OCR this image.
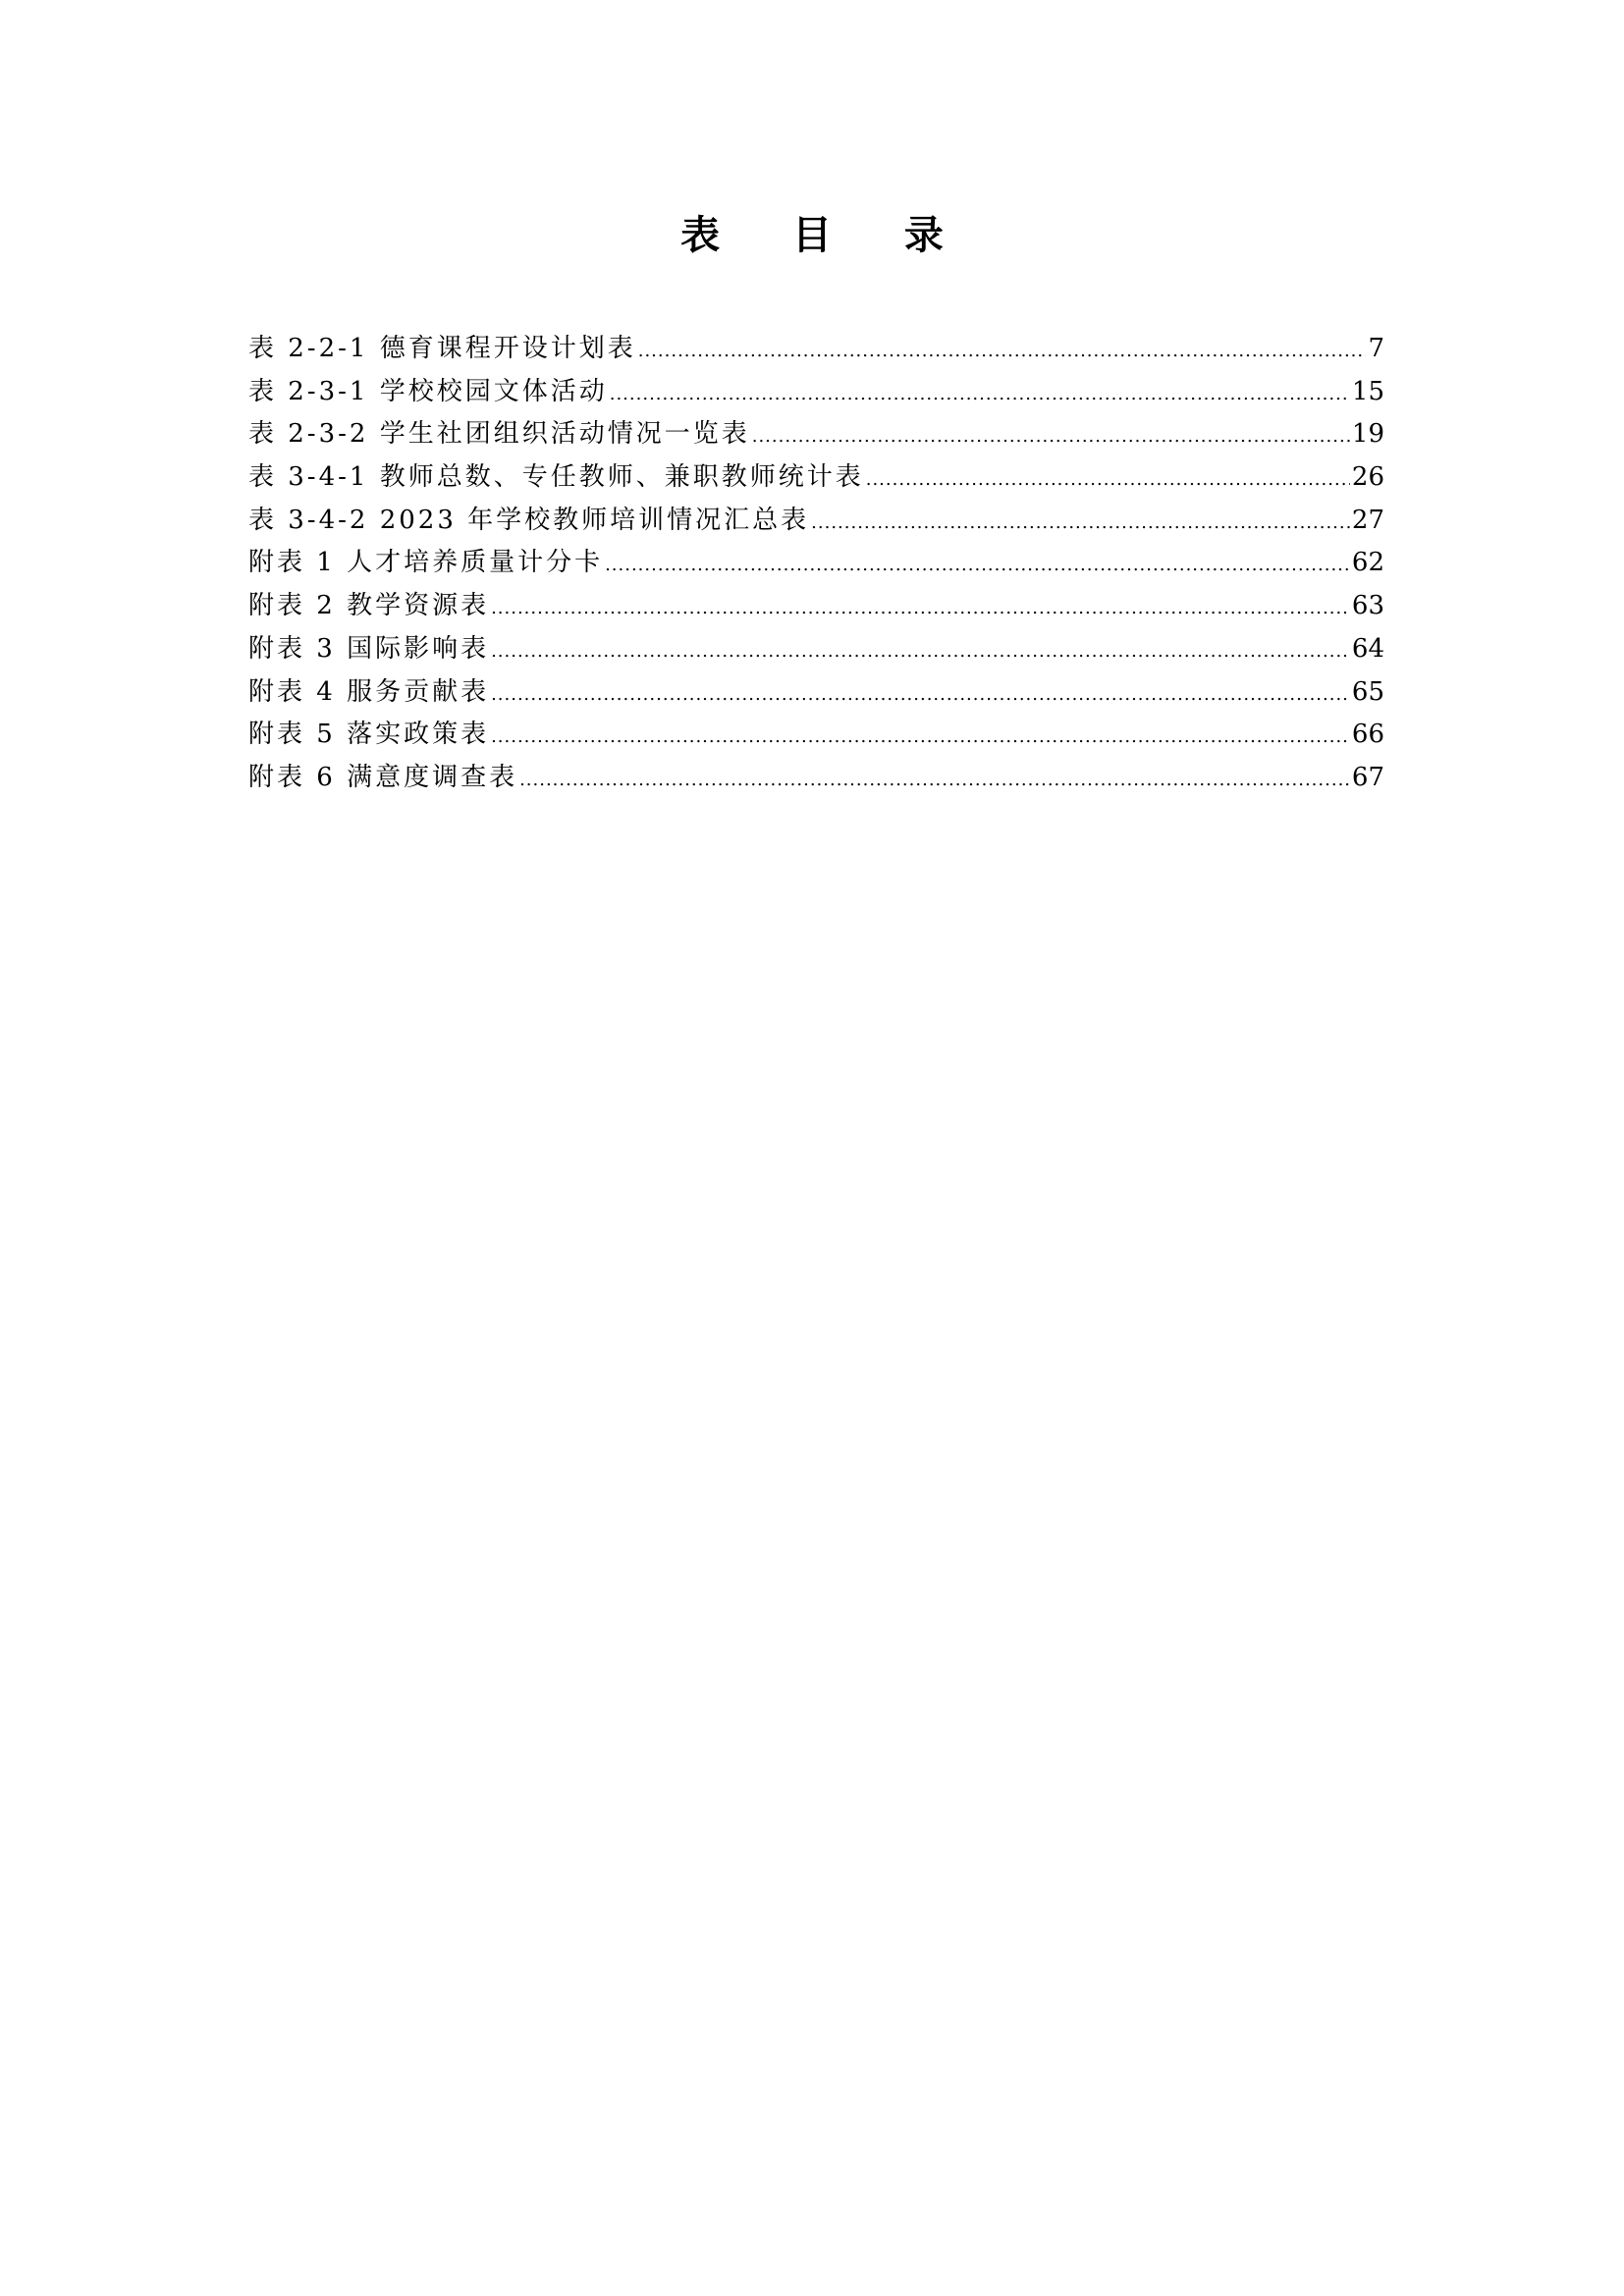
表 目 录
表 2-2-1 德育课程开设计划表 .....	7
表 2-3-1 学校校园文体活动 .....	15
表 2-3-2 学生社团组织活动情况一览表 .....	19
表 3-4-1 教师总数、专任教师、兼职教师统计表 .....	26
表 3-4-2 2023 年学校教师培训情况汇总表 .....	27
附表 1 人才培养质量计分卡 .....	62
附表 2 教学资源表 .....	63
附表 3 国际影响表 .....	64
附表 4 服务贡献表 .....	65
附表 5 落实政策表 .....	66
附表 6 满意度调查表 .....	67
